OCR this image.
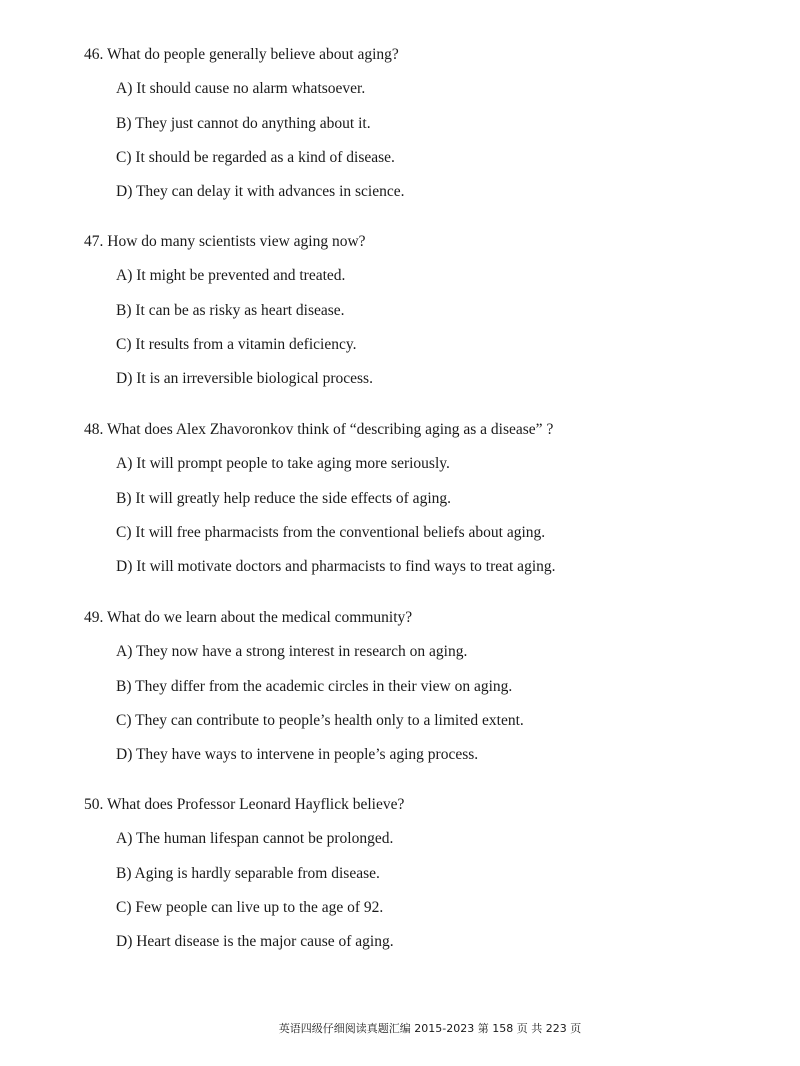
46. What do people generally believe about aging?
A) It should cause no alarm whatsoever.
B) They just cannot do anything about it.
C) It should be regarded as a kind of disease.
D) They can delay it with advances in science.
47. How do many scientists view aging now?
A) It might be prevented and treated.
B) It can be as risky as heart disease.
C) It results from a vitamin deficiency.
D) It is an irreversible biological process.
48. What does Alex Zhavoronkov think of “describing aging as a disease” ?
A) It will prompt people to take aging more seriously.
B) It will greatly help reduce the side effects of aging.
C) It will free pharmacists from the conventional beliefs about aging.
D) It will motivate doctors and pharmacists to find ways to treat aging.
49. What do we learn about the medical community?
A) They now have a strong interest in research on aging.
B) They differ from the academic circles in their view on aging.
C) They can contribute to people’s health only to a limited extent.
D) They have ways to intervene in people’s aging process.
50. What does Professor Leonard Hayflick believe?
A) The human lifespan cannot be prolonged.
B) Aging is hardly separable from disease.
C) Few people can live up to the age of 92.
D) Heart disease is the major cause of aging.
英语四级仔细阅读真题汇编 2015-2023 第 158 页 共 223 页
